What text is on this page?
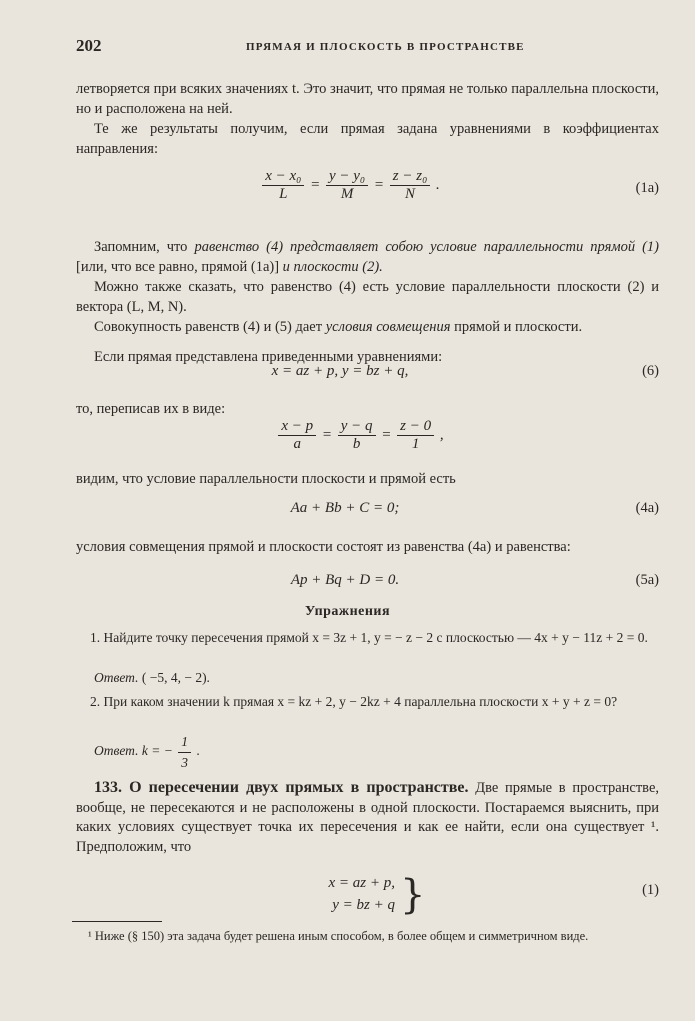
202	ПРЯМАЯ И ПЛОСКОСТЬ В ПРОСТРАНСТВЕ
летворяется при всяких значениях t. Это значит, что прямая не только параллельна плоскости, но и расположена на ней.
Те же результаты получим, если прямая задана уравнениями в коэффициентах направления:
$\frac{\text{x − x₀}}{L} = \frac{\text{y − y₀}}{M} = \frac{\text{z − z₀}}{N}$ .	(1a)
Запомним, что равенство (4) представляет собою условие параллельности прямой (1) [или, что все равно, прямой (1a)] и плоскости (2).
Можно также сказать, что равенство (4) есть условие параллельности плоскости (2) и вектора (L, M, N).
Совокупность равенств (4) и (5) дает условия совмещения прямой и плоскости.
Если прямая представлена приведенными уравнениями:
x = az + p, y = bz + q,	(6)
то, переписав их в виде:
$\frac{x - p}{a} = \frac{y - q}{b} = \frac{z - 0}{1}$ ,
видим, что условие параллельности плоскости и прямой есть
Aa + Bb + C = 0;	(4a)
условия совмещения прямой и плоскости состоят из равенства (4a) и равенства:
Ap + Bq + D = 0.	(5a)
Упражнения
1. Найдите точку пересечения прямой x = 3z + 1, y = − z − 2 с плоскостью — 4x + y − 11z + 2 = 0.
Ответ. ( −5, 4, − 2).
2. При каком значении k прямая x = kz + 2, y − 2kz + 4 параллельна плоскости x + y + z = 0?
Ответ. k = − $\frac{1}{3}$ .
133. О пересечении двух прямых в пространстве. Две прямые в пространстве, вообще, не пересекаются и не расположены в одной плоскости. Постараемся выяснить, при каких условиях существует точка их пересечения и как ее найти, если она существует ¹. Предположим, что
x = az + p,
y = bz + q }	(1)
¹ Ниже (§ 150) эта задача будет решена иным способом, в более общем и симметричном виде.
